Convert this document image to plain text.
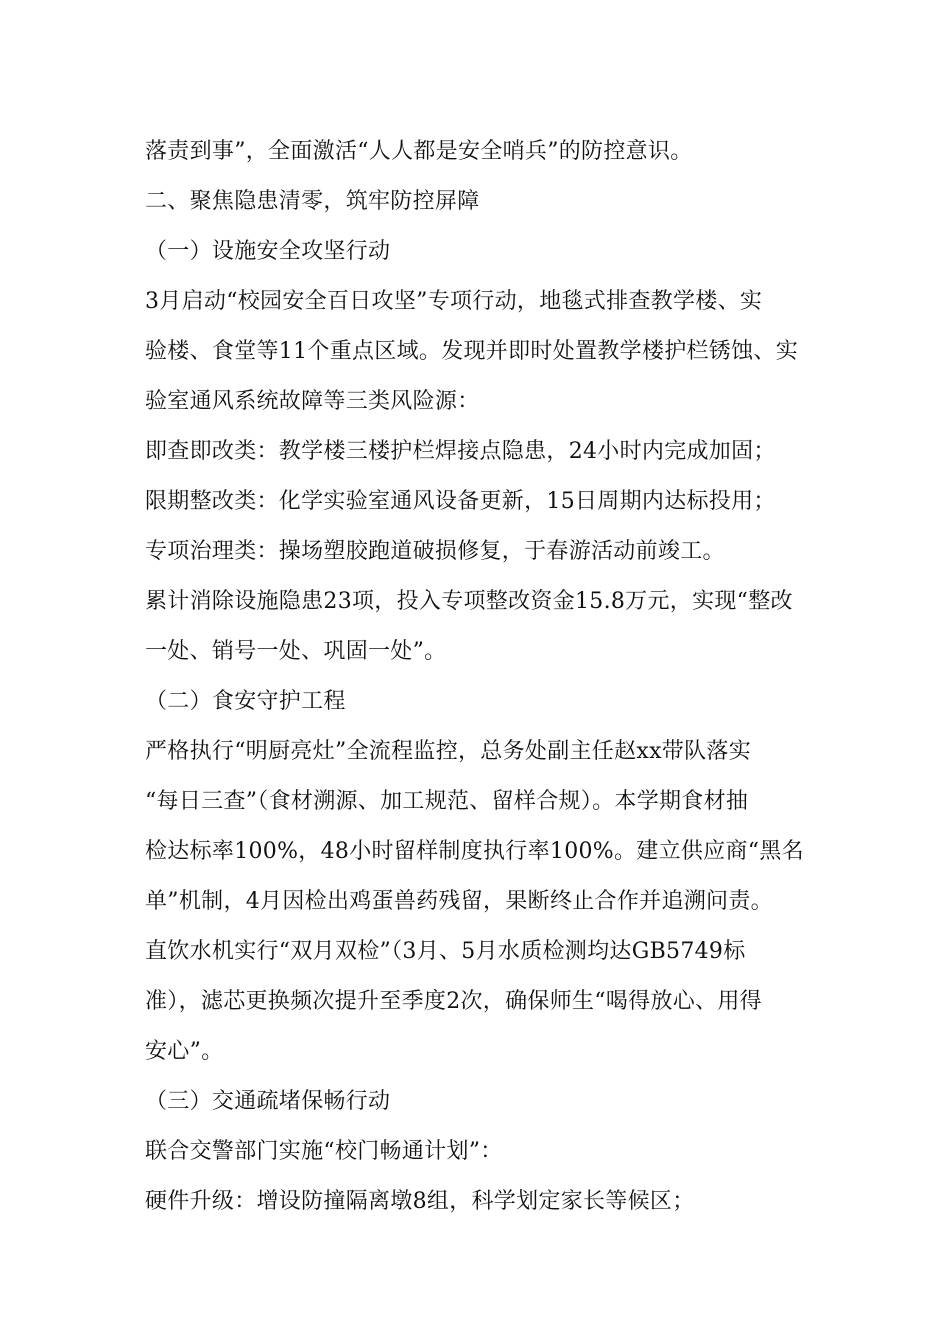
落责到事”，全面激活“人人都是安全哨兵”的防控意识。
二、聚焦隐患清零，筑牢防控屏障
（一）设施安全攻坚行动
3月启动“校园安全百日攻坚”专项行动，地毯式排查教学楼、实
验楼、食堂等11个重点区域。发现并即时处置教学楼护栏锈蚀、实
验室通风系统故障等三类风险源：
即查即改类：教学楼三楼护栏焊接点隐患，24小时内完成加固；
限期整改类：化学实验室通风设备更新，15日周期内达标投用；
专项治理类：操场塑胶跑道破损修复，于春游活动前竣工。
累计消除设施隐患23项，投入专项整改资金15.8万元，实现“整改
一处、销号一处、巩固一处”。
（二）食安守护工程
严格执行“明厨亮灶”全流程监控，总务处副主任赵xx带队落实
“每日三查”（食材溯源、加工规范、留样合规）。本学期食材抽
检达标率100%，48小时留样制度执行率100%。建立供应商“黑名
单”机制，4月因检出鸡蛋兽药残留，果断终止合作并追溯问责。
直饮水机实行“双月双检”（3月、5月水质检测均达GB5749标
准），滤芯更换频次提升至季度2次，确保师生“喝得放心、用得
安心”。
（三）交通疏堵保畅行动
联合交警部门实施“校门畅通计划”：
硬件升级：增设防撞隔离墩8组，科学划定家长等候区；
